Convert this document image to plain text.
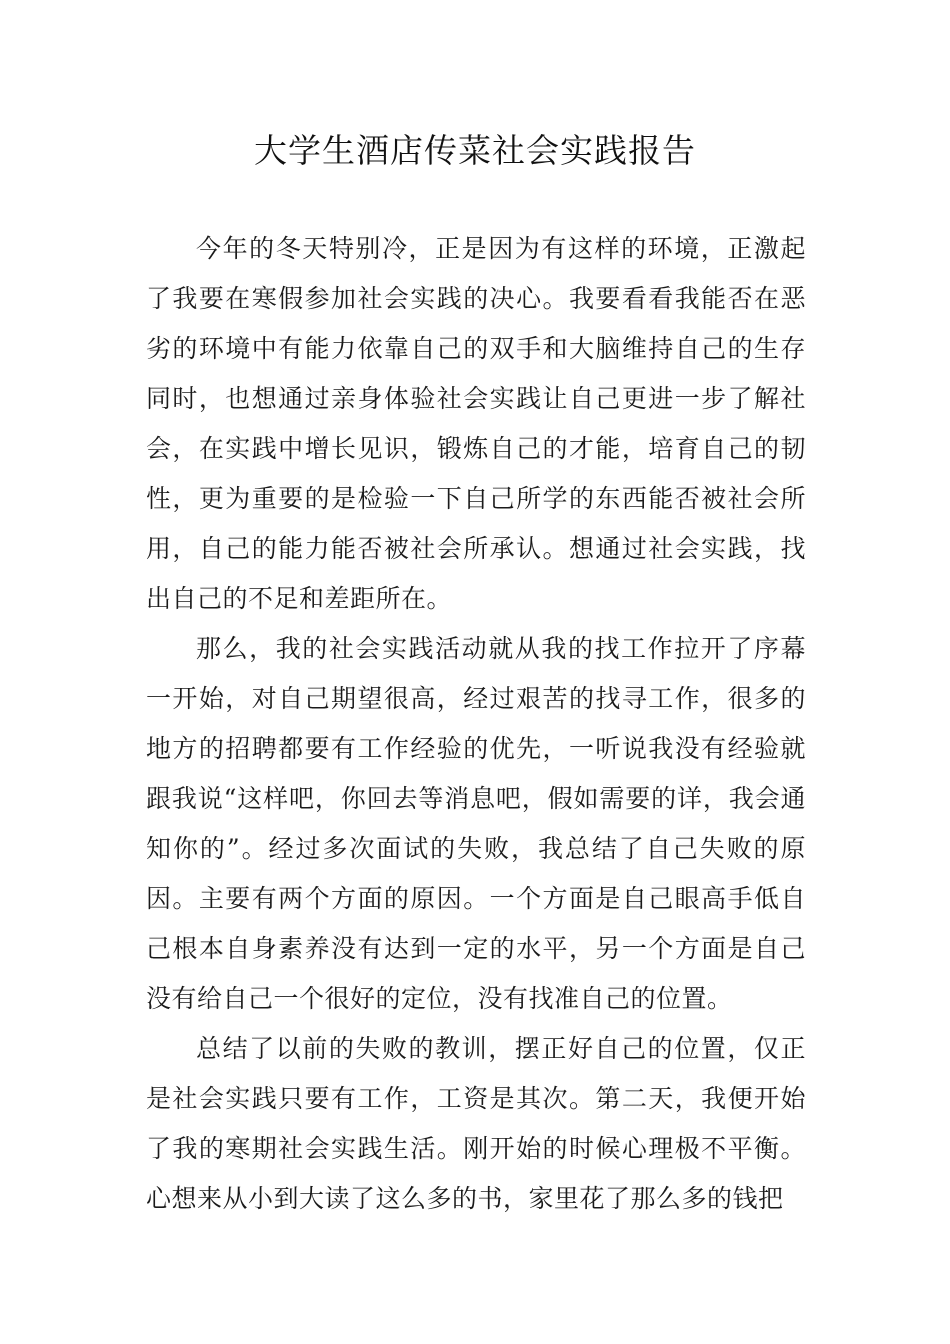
大学生酒店传菜社会实践报告

今年的冬天特别冷，正是因为有这样的环境，正激起了我要在寒假参加社会实践的决心。我要看看我能否在恶劣的环境中有能力依靠自己的双手和大脑维持自己的生存同时，也想通过亲身体验社会实践让自己更进一步了解社会，在实践中增长见识，锻炼自己的才能，培育自己的韧性，更为重要的是检验一下自己所学的东西能否被社会所用，自己的能力能否被社会所承认。想通过社会实践，找出自己的不足和差距所在。

那么，我的社会实践活动就从我的找工作拉开了序幕一开始，对自己期望很高，经过艰苦的找寻工作，很多的地方的招聘都要有工作经验的优先，一听说我没有经验就跟我说“这样吧，你回去等消息吧，假如需要的详，我会通知你的”。经过多次面试的失败，我总结了自己失败的原因。主要有两个方面的原因。一个方面是自己眼高手低自己根本自身素养没有达到一定的水平，另一个方面是自己没有给自己一个很好的定位，没有找准自己的位置。

总结了以前的失败的教训，摆正好自己的位置，仅正是社会实践只要有工作，工资是其次。第二天，我便开始了我的寒期社会实践生活。刚开始的时候心理极不平衡。心想来从小到大读了这么多的书，家里花了那么多的钱把
